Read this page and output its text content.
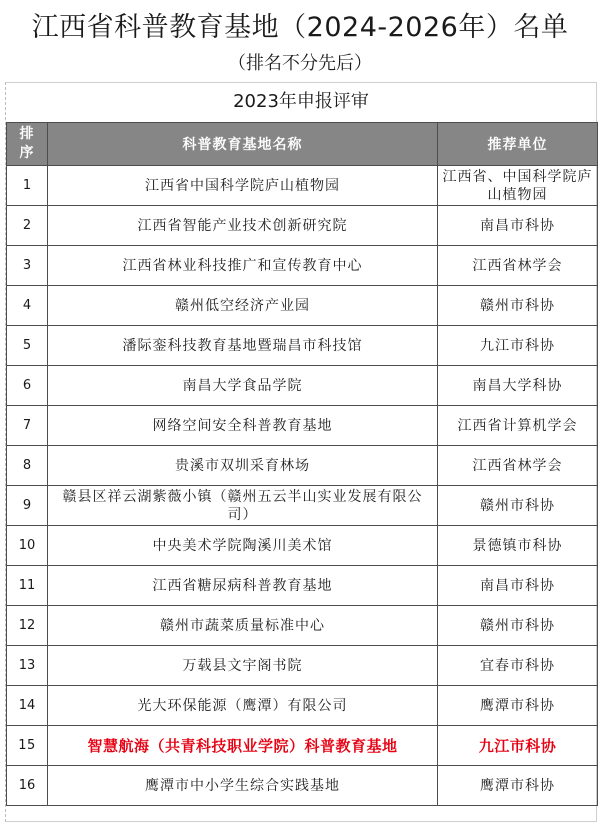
江西省科普教育基地（2024-2026年）名单
（排名不分先后）
2023年申报评审
排
序	科普教育基地名称	推荐单位
1	江西省中国科学院庐山植物园	江西省、中国科学院庐山植物园
2	江西省智能产业技术创新研究院	南昌市科协
3	江西省林业科技推广和宣传教育中心	江西省林学会
4	赣州低空经济产业园	赣州市科协
5	潘际銮科技教育基地暨瑞昌市科技馆	九江市科协
6	南昌大学食品学院	南昌大学科协
7	网络空间安全科普教育基地	江西省计算机学会
8	贵溪市双圳采育林场	江西省林学会
9	赣县区祥云湖紫薇小镇（赣州五云半山实业发展有限公司）	赣州市科协
10	中央美术学院陶溪川美术馆	景德镇市科协
11	江西省糖尿病科普教育基地	南昌市科协
12	赣州市蔬菜质量标准中心	赣州市科协
13	万载县文宇阁书院	宜春市科协
14	光大环保能源（鹰潭）有限公司	鹰潭市科协
15	智慧航海（共青科技职业学院）科普教育基地	九江市科协
16	鹰潭市中小学生综合实践基地	鹰潭市科协
